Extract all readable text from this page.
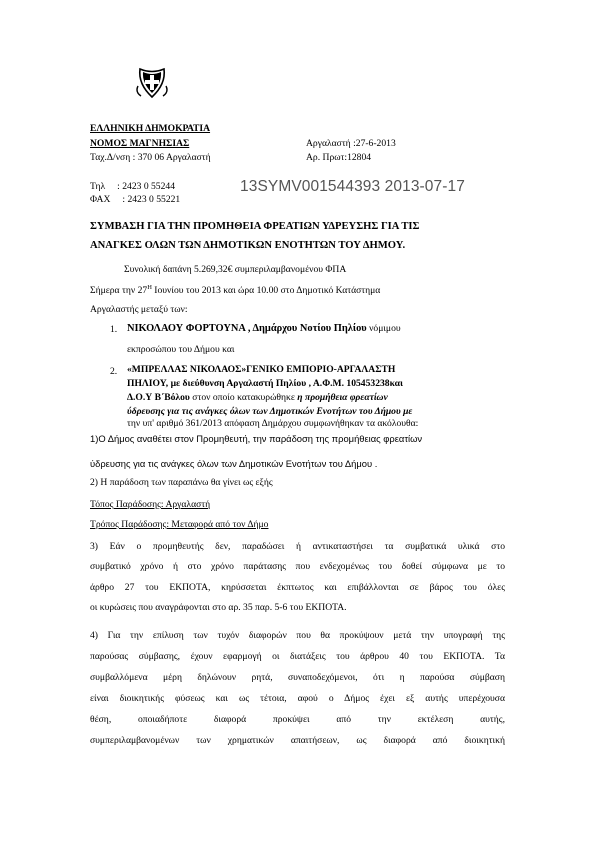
ΕΛΛΗΝΙΚΗ ΔΗΜΟΚΡΑΤΙΑ
ΝΟΜΟΣ ΜΑΓΝΗΣΙΑΣ
Ταχ.Δ/νση : 370 06 Αργαλαστή
Αργαλαστή :27-6-2013
Αρ. Πρωτ:12804
Τηλ     : 2423 0 55244
ΦΑΧ     : 2423 0 55221
13SYMV001544393 2013-07-17
ΣΥΜΒΑΣΗ ΓΙΑ ΤΗΝ ΠΡΟΜΗΘΕΙΑ ΦΡΕΑΤΙΩΝ ΥΔΡΕΥΣΗΣ ΓΙΑ ΤΙΣ
ΑΝΑΓΚΕΣ ΟΛΩΝ ΤΩΝ ΔΗΜΟΤΙΚΩΝ ΕΝΟΤΗΤΩΝ ΤΟΥ ΔΗΜΟΥ.
Συνολική δαπάνη 5.269,32€ συμπεριλαμβανομένου ΦΠΑ
Σήμερα την $27^H$ Ιουνίου του 2013 και ώρα 10.00 στο Δημοτικό Κατάστημα
Αργαλαστής μεταξύ των:
1. ΝΙΚΟΛΑΟΥ ΦΟΡΤΟΥΝΑ , Δημάρχου Νοτίου Πηλίου νόμιμου
εκπροσώπου του Δήμου και
2. «ΜΠΡΕΛΛΑΣ ΝΙΚΟΛΑΟΣ»ΓΕΝΙΚΟ ΕΜΠΟΡΙΟ-ΑΡΓΑΛΑΣΤΗ
ΠΗΛΙΟΥ, με διεύθυνση Αργαλαστή Πηλίου , Α.Φ.Μ. 105453238και
Δ.Ο.Υ Β΄Βόλου στον οποίο κατακυρώθηκε η προμήθεια φρεατίων
ύδρευσης για τις ανάγκες όλων των Δημοτικών Ενοτήτων του Δήμου με
την υπ' αριθμό 361/2013 απόφαση Δημάρχου συμφωνήθηκαν τα ακόλουθα:
1)Ο Δήμος αναθέτει στον Προμηθευτή, την παράδοση της προμήθειας φρεατίων
ύδρευσης για τις ανάγκες όλων των Δημοτικών Ενοτήτων του Δήμου .
2) Η παράδοση των παραπάνω θα γίνει ως εξής
Τόπος Παράδοσης: Αργαλαστή
Τρόπος Παράδοσης: Μεταφορά από τον Δήμο
3) Εάν ο προμηθευτής δεν, παραδώσει ή αντικαταστήσει τα συμβατικά υλικά στο
συμβατικό χρόνο ή στο χρόνο παράτασης που ενδεχομένως του δοθεί σύμφωνα με το
άρθρο 27 του ΕΚΠΟΤΑ, κηρύσσεται έκπτωτος και επιβάλλονται σε βάρος του όλες
οι κυρώσεις που αναγράφονται στο αρ. 35 παρ. 5-6 του ΕΚΠΟΤΑ.
4) Για την επίλυση των τυχόν διαφορών που θα προκύψουν μετά την υπογραφή της
παρούσας σύμβασης, έχουν εφαρμογή οι διατάξεις του άρθρου 40 του ΕΚΠΟΤΑ. Τα
συμβαλλόμενα μέρη δηλώνουν ρητά, συναποδεχόμενοι, ότι η παρούσα σύμβαση
είναι διοικητικής φύσεως και ως τέτοια, αφού ο Δήμος έχει εξ αυτής υπερέχουσα
θέση,    οποιαδήποτε    διαφορά    προκύψει    από    την    εκτέλεση    αυτής,
συμπεριλαμβανομένων των χρηματικών απαιτήσεων, ως διαφορά από διοικητική
